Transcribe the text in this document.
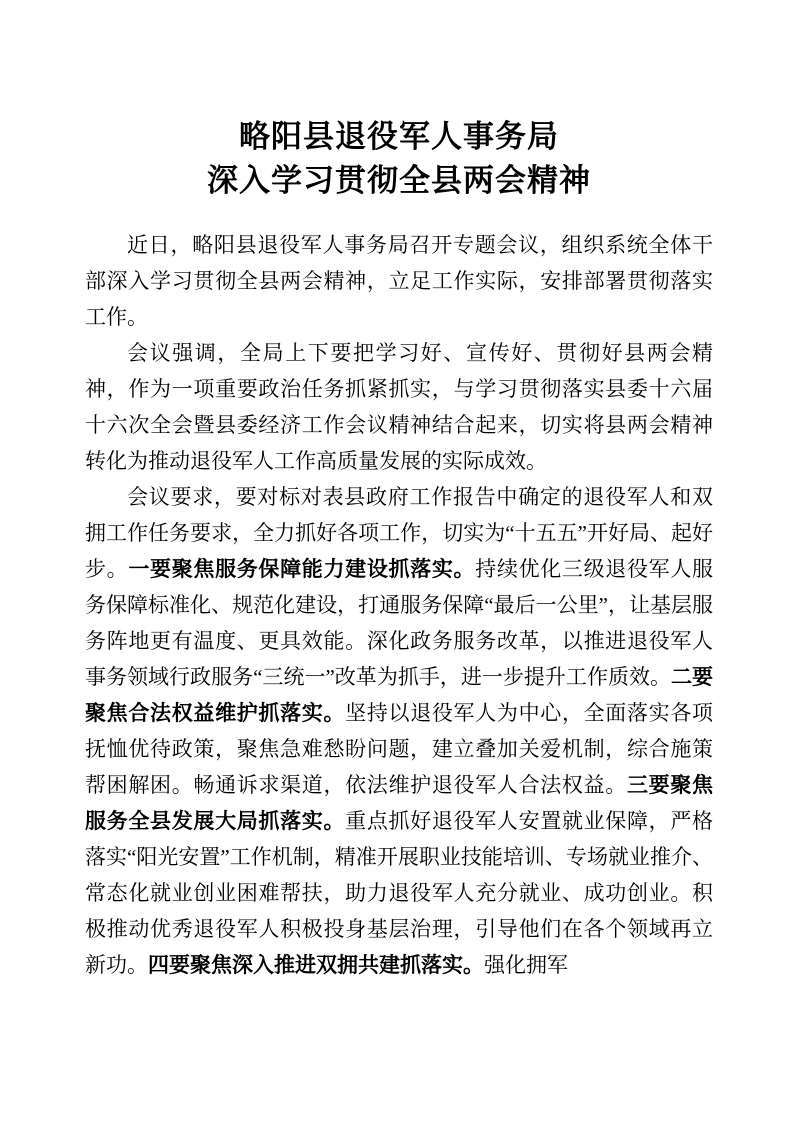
略阳县退役军人事务局
深入学习贯彻全县两会精神

近日，略阳县退役军人事务局召开专题会议，组织系统全体干部深入学习贯彻全县两会精神，立足工作实际，安排部署贯彻落实工作。

会议强调，全局上下要把学习好、宣传好、贯彻好县两会精神，作为一项重要政治任务抓紧抓实，与学习贯彻落实县委十六届十六次全会暨县委经济工作会议精神结合起来，切实将县两会精神转化为推动退役军人工作高质量发展的实际成效。

会议要求，要对标对表县政府工作报告中确定的退役军人和双拥工作任务要求，全力抓好各项工作，切实为“十五五”开好局、起好步。一要聚焦服务保障能力建设抓落实。持续优化三级退役军人服务保障标准化、规范化建设，打通服务保障“最后一公里”，让基层服务阵地更有温度、更具效能。深化政务服务改革，以推进退役军人事务领域行政服务“三统一”改革为抓手，进一步提升工作质效。二要聚焦合法权益维护抓落实。坚持以退役军人为中心，全面落实各项抚恤优待政策，聚焦急难愁盼问题，建立叠加关爱机制，综合施策帮困解困。畅通诉求渠道，依法维护退役军人合法权益。三要聚焦服务全县发展大局抓落实。重点抓好退役军人安置就业保障，严格落实“阳光安置”工作机制，精准开展职业技能培训、专场就业推介、常态化就业创业困难帮扶，助力退役军人充分就业、成功创业。积极推动优秀退役军人积极投身基层治理，引导他们在各个领域再立新功。四要聚焦深入推进双拥共建抓落实。强化拥军
